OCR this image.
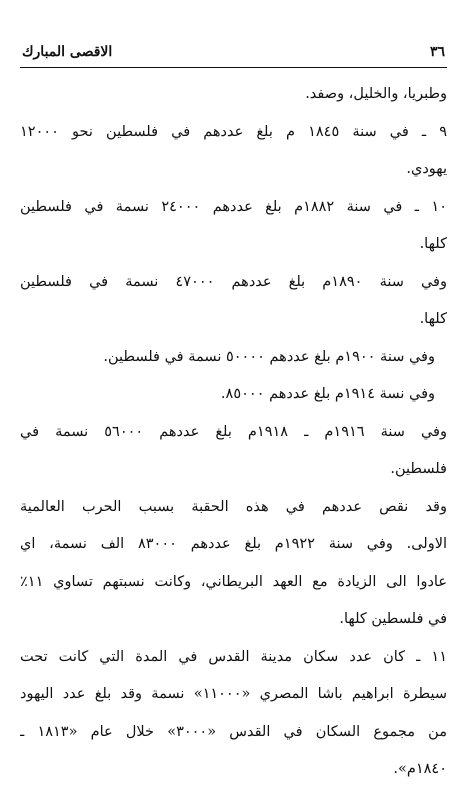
٣٦
الاقصى المبارك
وطبريا، والخليل، وصفد.
٩ ـ في سنة ١٨٤٥ م بلغ عددهم في فلسطين نحو ١٢٠٠٠
يهودي.
١٠ ـ في سنة ١٨٨٢م بلغ عددهم ٢٤٠٠٠ نسمة في فلسطين
كلها.
وفي سنة ١٨٩٠م بلغ عددهم ٤٧٠٠٠ نسمة في فلسطين
كلها.
وفي سنة ١٩٠٠م بلغ عددهم ٥٠٠٠٠ نسمة في فلسطين.
وفي نسة ١٩١٤م بلغ عددهم ٨٥٠٠٠.
وفي سنة ١٩١٦م ـ ١٩١٨م بلغ عددهم ٥٦٠٠٠ نسمة في
فلسطين.
وقد نقص عددهم في هذه الحقبة بسبب الحرب العالمية
الاولى. وفي سنة ١٩٢٢م بلغ عددهم ٨٣٠٠٠ الف نسمة، اي
عادوا الى الزيادة مع العهد البريطاني، وكانت نسبتهم تساوي ١١٪
في فلسطين كلها.
١١ ـ كان عدد سكان مدينة القدس في المدة التي كانت تحت
سيطرة ابراهيم باشا المصري «١١٠٠٠» نسمة وقد بلغ عدد اليهود
من مجموع السكان في القدس «٣٠٠٠» خلال عام «١٨١٣ ـ
١٨٤٠م».
